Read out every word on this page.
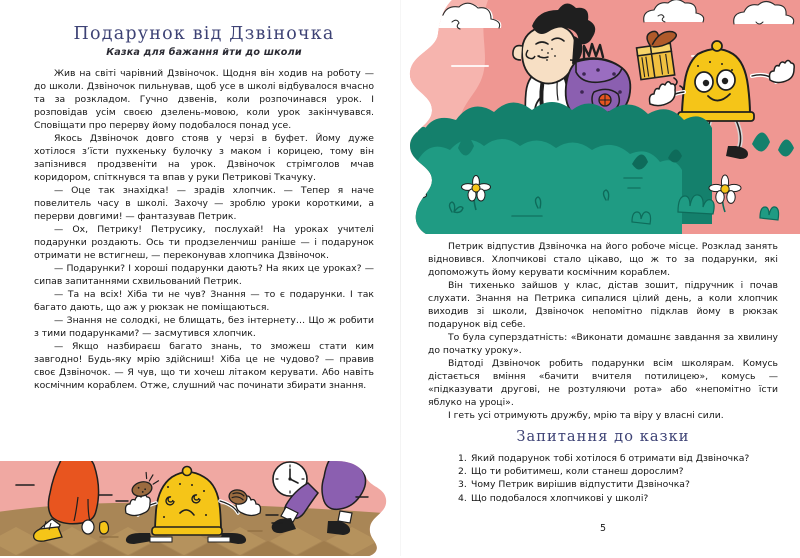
Подарунок від Дзвіночка
Казка для бажання йти до школи

Жив на світі чарівний Дзвіночок. Щодня він ходив на роботу — до школи. Дзвіночок пильнував, щоб усе в школі відбувалося вчасно та за розкладом. Гучно дзвенів, коли розпочинався урок. І розповідав усім своєю дзелень-мовою, коли урок закінчувався. Сповіщати про перерву йому подобалося понад усе.

Якось Дзвіночок довго стояв у черзі в буфет. Йому дуже хотілося з’їсти пухкеньку булочку з маком і корицею, тому він запізнився продзвеніти на урок. Дзвіночок стрімголов мчав коридором, спіткнувся та впав у руки Петрикові Ткачуку.

— Оце так знахідка! — зрадів хлопчик. — Тепер я наче повелитель часу в школі. Захочу — зроблю уроки короткими, а перерви довгими! — фантазував Петрик.

— Ох, Петрику! Петрусику, послухай! На уроках учителі подарунки роздають. Ось ти продзеленчиш раніше — і подарунок отримати не встигнеш, — переконував хлопчика Дзвіночок.

— Подарунки? І хороші подарунки дають? На яких це уроках? — сипав запитаннями схвильований Петрик.

— Та на всіх! Хіба ти не чув? Знання — то є подарунки. І так багато дають, що аж у рюкзак не поміщаються.

— Знання не солодкі, не блищать, без інтернету… Що ж робити з тими подарунками? — засмутився хлопчик.

— Якщо назбираєш багато знань, то зможеш стати ким завгодно! Будь-яку мрію здійсниш! Хіба це не чудово? — правив своє Дзвіночок. — Я чув, що ти хочеш літаком керувати. Або навіть космічним кораблем. Отже, слушний час починати збирати знання.

Петрик відпустив Дзвіночка на його робоче місце. Розклад занять відновився. Хлопчикові стало цікаво, що ж то за подарунки, які допоможуть йому керувати космічним кораблем.

Він тихенько зайшов у клас, дістав зошит, підручник і почав слухати. Знання на Петрика сипалися цілий день, а коли хлопчик виходив зі школи, Дзвіночок непомітно підклав йому в рюкзак подарунок від себе.

То була суперздатність: «Виконати домашнє завдання за хвилину до початку уроку».

Відтоді Дзвіночок робить подарунки всім школярам. Комусь дістається вміння «бачити вчителя потилицею», комусь — «підказувати другові, не розтуляючи рота» або «непомітно їсти яблуко на уроці».

І геть усі отримують дружбу, мрію та віру у власні сили.

Запитання до казки
1. Який подарунок тобі хотілося б отримати від Дзвіночка?
2. Що ти робитимеш, коли станеш дорослим?
3. Чому Петрик вирішив відпустити Дзвіночка?
4. Що подобалося хлопчикові у школі?
5
